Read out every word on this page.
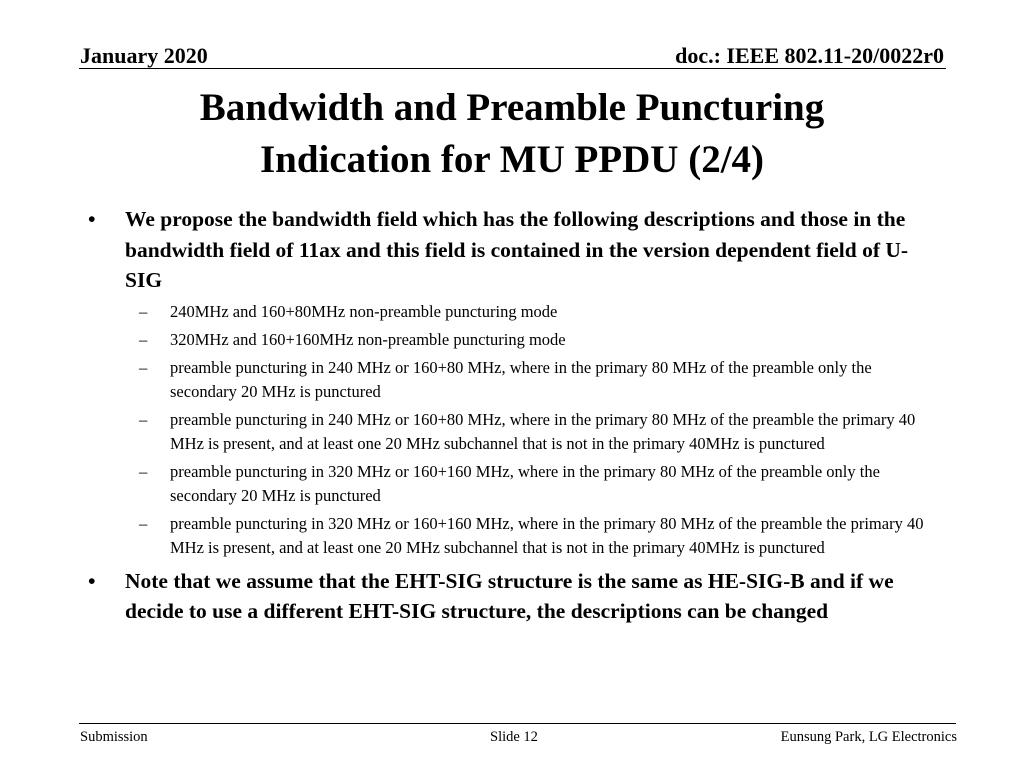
January 2020	doc.: IEEE 802.11-20/0022r0
Bandwidth and Preamble Puncturing
Indication for MU PPDU (2/4)
•	We propose the bandwidth field which has the following descriptions and those in the bandwidth field of 11ax and this field is contained in the version dependent field of U-SIG
–	240MHz and 160+80MHz non-preamble puncturing mode
–	320MHz and 160+160MHz non-preamble puncturing mode
–	preamble puncturing in 240 MHz or 160+80 MHz, where in the primary 80 MHz of the preamble only the secondary 20 MHz is punctured
–	preamble puncturing in 240 MHz or 160+80 MHz, where in the primary 80 MHz of the preamble the primary 40 MHz is present, and at least one 20 MHz subchannel that is not in the primary 40MHz is punctured
–	preamble puncturing in 320 MHz or 160+160 MHz, where in the primary 80 MHz of the preamble only the secondary 20 MHz is punctured
–	preamble puncturing in 320 MHz or 160+160 MHz, where in the primary 80 MHz of the preamble the primary 40 MHz is present, and at least one 20 MHz subchannel that is not in the primary 40MHz is punctured
•	Note that we assume that the EHT-SIG structure is the same as HE-SIG-B and if we decide to use a different EHT-SIG structure, the descriptions can be changed
Submission	Slide 12	Eunsung Park, LG Electronics
